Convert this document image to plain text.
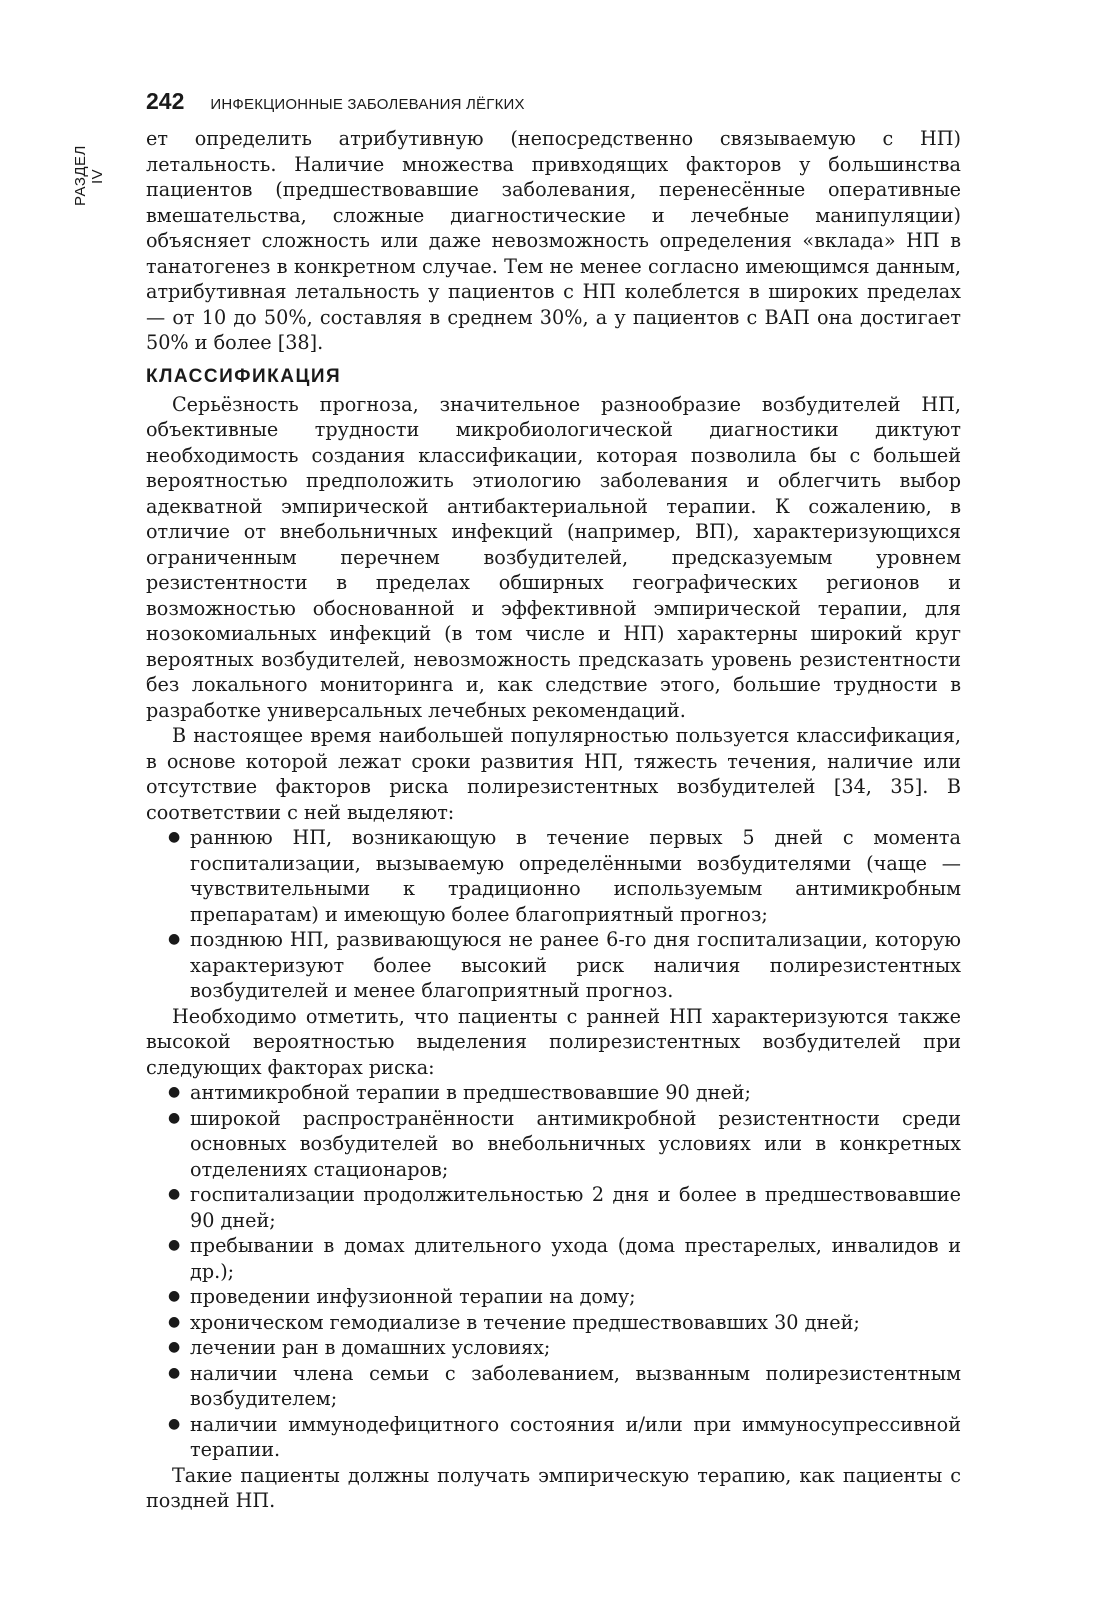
РАЗДЕЛ IV
242 ИНФЕКЦИОННЫЕ ЗАБОЛЕВАНИЯ ЛЁГКИХ

ет определить атрибутивную (непосредственно связываемую с НП) летальность. Наличие множества привходящих факторов у большинства пациентов (предшествовавшие заболевания, перенесённые оперативные вмешательства, сложные диагностические и лечебные манипуляции) объясняет сложность или даже невозможность определения «вклада» НП в танатогенез в конкретном случае. Тем не менее согласно имеющимся данным, атрибутивная летальность у пациентов с НП колеблется в широких пределах — от 10 до 50%, составляя в среднем 30%, а у пациентов с ВАП она достигает 50% и более [38].

КЛАССИФИКАЦИЯ

Серьёзность прогноза, значительное разнообразие возбудителей НП, объективные трудности микробиологической диагностики диктуют необходимость создания классификации, которая позволила бы с большей вероятностью предположить этиологию заболевания и облегчить выбор адекватной эмпирической антибактериальной терапии. К сожалению, в отличие от внебольничных инфекций (например, ВП), характеризующихся ограниченным перечнем возбудителей, предсказуемым уровнем резистентности в пределах обширных географических регионов и возможностью обоснованной и эффективной эмпирической терапии, для нозокомиальных инфекций (в том числе и НП) характерны широкий круг вероятных возбудителей, невозможность предсказать уровень резистентности без локального мониторинга и, как следствие этого, большие трудности в разработке универсальных лечебных рекомендаций.

В настоящее время наибольшей популярностью пользуется классификация, в основе которой лежат сроки развития НП, тяжесть течения, наличие или отсутствие факторов риска полирезистентных возбудителей [34, 35]. В соответствии с ней выделяют:

● раннюю НП, возникающую в течение первых 5 дней с момента госпитализации, вызываемую определёнными возбудителями (чаще — чувствительными к традиционно используемым антимикробным препаратам) и имеющую более благоприятный прогноз;
● позднюю НП, развивающуюся не ранее 6-го дня госпитализации, которую характеризуют более высокий риск наличия полирезистентных возбудителей и менее благоприятный прогноз.

Необходимо отметить, что пациенты с ранней НП характеризуются также высокой вероятностью выделения полирезистентных возбудителей при следующих факторах риска:

● антимикробной терапии в предшествовавшие 90 дней;
● широкой распространённости антимикробной резистентности среди основных возбудителей во внебольничных условиях или в конкретных отделениях стационаров;
● госпитализации продолжительностью 2 дня и более в предшествовавшие 90 дней;
● пребывании в домах длительного ухода (дома престарелых, инвалидов и др.);
● проведении инфузионной терапии на дому;
● хроническом гемодиализе в течение предшествовавших 30 дней;
● лечении ран в домашних условиях;
● наличии члена семьи с заболеванием, вызванным полирезистентным возбудителем;
● наличии иммунодефицитного состояния и/или при иммуносупрессивной терапии.

Такие пациенты должны получать эмпирическую терапию, как пациенты с поздней НП.
